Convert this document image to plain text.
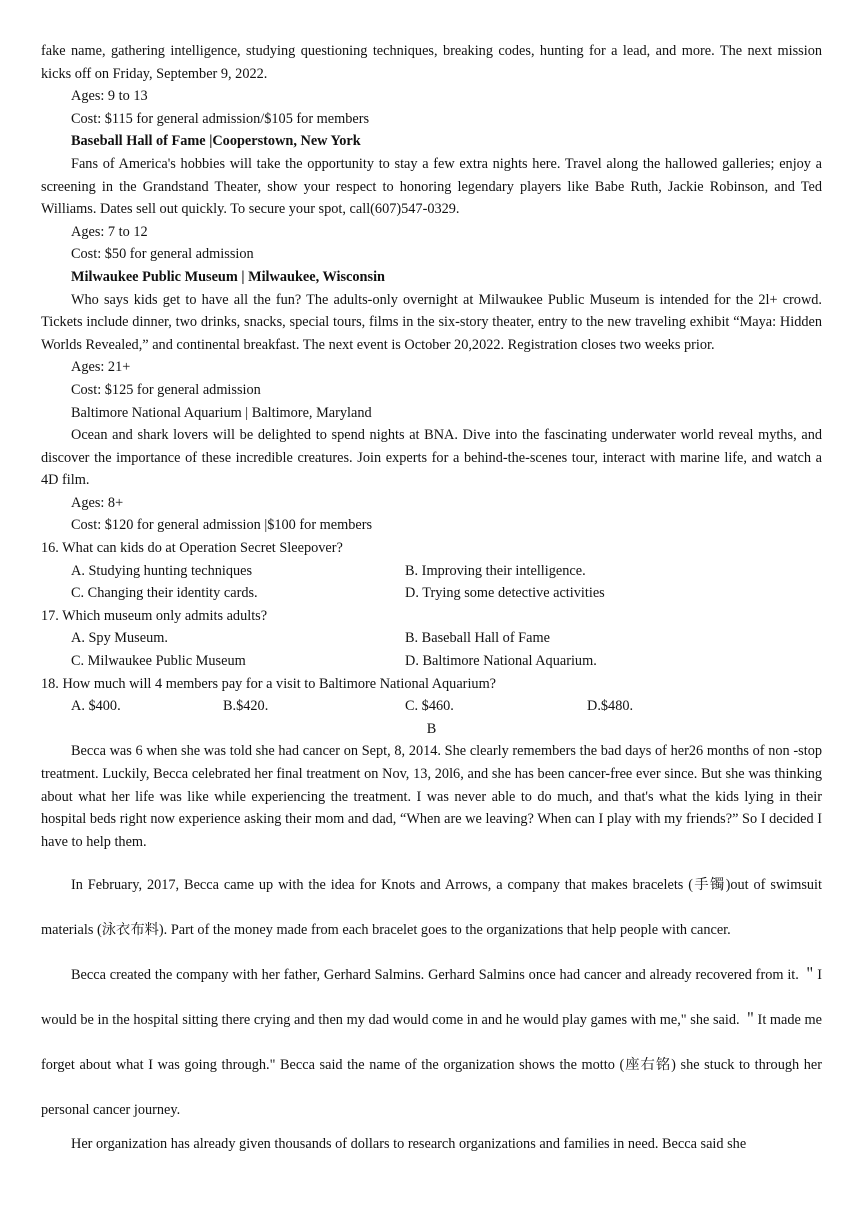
fake name, gathering intelligence, studying questioning techniques, breaking codes, hunting for a lead, and more. The next mission kicks off on Friday, September 9, 2022.

Ages: 9 to 13

Cost: $115 for general admission/$105 for members

Baseball Hall of Fame |Cooperstown, New York

Fans of America's hobbies will take the opportunity to stay a few extra nights here. Travel along the hallowed galleries; enjoy a screening in the Grandstand Theater, show your respect to honoring legendary players like Babe Ruth, Jackie Robinson, and Ted Williams. Dates sell out quickly. To secure your spot, call(607)547-0329.

Ages: 7 to 12

Cost: $50 for general admission

Milwaukee Public Museum | Milwaukee, Wisconsin

Who says kids get to have all the fun? The adults-only overnight at Milwaukee Public Museum is intended for the 2l+ crowd. Tickets include dinner, two drinks, snacks, special tours, films in the six-story theater, entry to the new traveling exhibit “Maya: Hidden Worlds Revealed,” and continental breakfast. The next event is October 20,2022. Registration closes two weeks prior.

Ages: 21+

Cost: $125 for general admission

Baltimore National Aquarium | Baltimore, Maryland

Ocean and shark lovers will be delighted to spend nights at BNA. Dive into the fascinating underwater world reveal myths, and discover the importance of these incredible creatures. Join experts for a behind-the-scenes tour, interact with marine life, and watch a 4D film.

Ages: 8+

Cost: $120 for general admission |$100 for members

16. What can kids do at Operation Secret Sleepover?

A. Studying hunting techniques	B. Improving their intelligence.
C. Changing their identity cards.	D. Trying some detective activities

17. Which museum only admits adults?

A. Spy Museum.	B. Baseball Hall of Fame
C. Milwaukee Public Museum	D. Baltimore National Aquarium.

18. How much will 4 members pay for a visit to Baltimore National Aquarium?

A. $400.	B.$420.	C. $460.	D.$480.

B

Becca was 6 when she was told she had cancer on Sept, 8, 2014. She clearly remembers the bad days of her26 months of non -stop treatment. Luckily, Becca celebrated her final treatment on Nov, 13, 20l6, and she has been cancer-free ever since. But she was thinking about what her life was like while experiencing the treatment. I was never able to do much, and that's what the kids lying in their hospital beds right now experience asking their mom and dad, “When are we leaving? When can I play with my friends?” So I decided I have to help them.

In February, 2017, Becca came up with the idea for Knots and Arrows, a company that makes bracelets (手镯)out of swimsuit materials (泳衣布料). Part of the money made from each bracelet goes to the organizations that help people with cancer.

Becca created the company with her father, Gerhard Salmins. Gerhard Salmins once had cancer and already recovered from it. ＂I would be in the hospital sitting there crying and then my dad would come in and he would play games with me," she said. ＂It made me forget about what I was going through." Becca said the name of the organization shows the motto (座右铭) she stuck to through her personal cancer journey.

Her organization has already given thousands of dollars to research organizations and families in need. Becca said she
